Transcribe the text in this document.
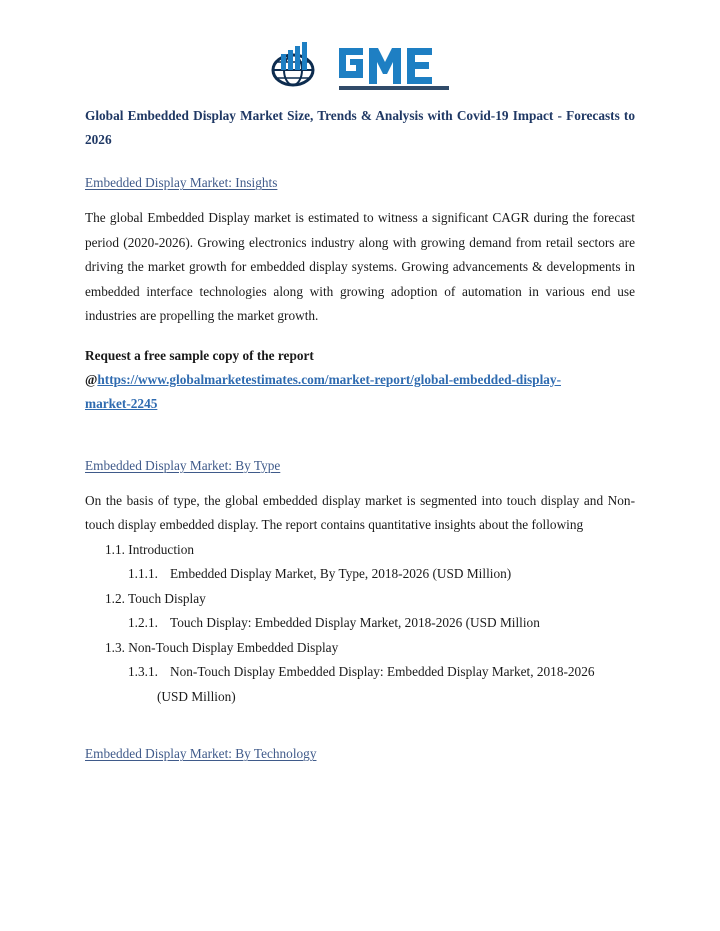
Global Embedded Display Market Size, Trends & Analysis with Covid-19 Impact - Forecasts to 2026
Embedded Display Market: Insights

The global Embedded Display market is estimated to witness a significant CAGR during the forecast period (2020-2026). Growing electronics industry along with growing demand from retail sectors are driving the market growth for embedded display systems. Growing advancements & developments in embedded interface technologies along with growing adoption of automation in various end use industries are propelling the market growth.

Request a free sample copy of the report
@https://www.globalmarketestimates.com/market-report/global-embedded-display-
market-2245
Embedded Display Market: By Type

On the basis of type, the global embedded display market is segmented into touch display and Non-touch display embedded display. The report contains quantitative insights about the following

1.1. Introduction
1.1.1. Embedded Display Market, By Type, 2018-2026 (USD Million)
1.2. Touch Display
1.2.1. Touch Display: Embedded Display Market, 2018-2026 (USD Million
1.3. Non-Touch Display Embedded Display
1.3.1. Non-Touch Display Embedded Display: Embedded Display Market, 2018-2026
(USD Million)
Embedded Display Market: By Technology
